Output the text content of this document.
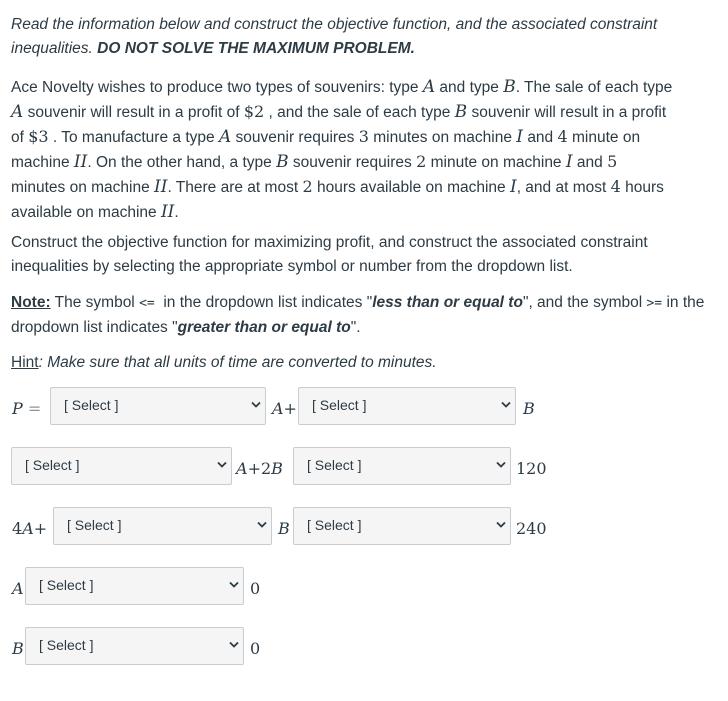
Read the information below and construct the objective function, and the associated constraint inequalities. DO NOT SOLVE THE MAXIMUM PROBLEM.

Ace Novelty wishes to produce two types of souvenirs: type A and type B. The sale of each type
A souvenir will result in a profit of $2 , and the sale of each type B souvenir will result in a profit
of $3 . To manufacture a type A souvenir requires 3 minutes on machine I and 4 minute on
machine II. On the other hand, a type B souvenir requires 2 minute on machine I and 5
minutes on machine II. There are at most 2 hours available on machine I, and at most 4 hours
available on machine II.

Construct the objective function for maximizing profit, and construct the associated constraint inequalities by selecting the appropriate symbol or number from the dropdown list.

Note: The symbol <= in the dropdown list indicates "less than or equal to", and the symbol >= in the dropdown list indicates "greater than or equal to".

Hint: Make sure that all units of time are converted to minutes.

P = [ Select ]	A+ [ Select ]	B
[ Select ]	A+2B [ Select ]	120
4A+ [ Select ]	B [ Select ]	240
A [ Select ]	0
B [ Select ]	0
